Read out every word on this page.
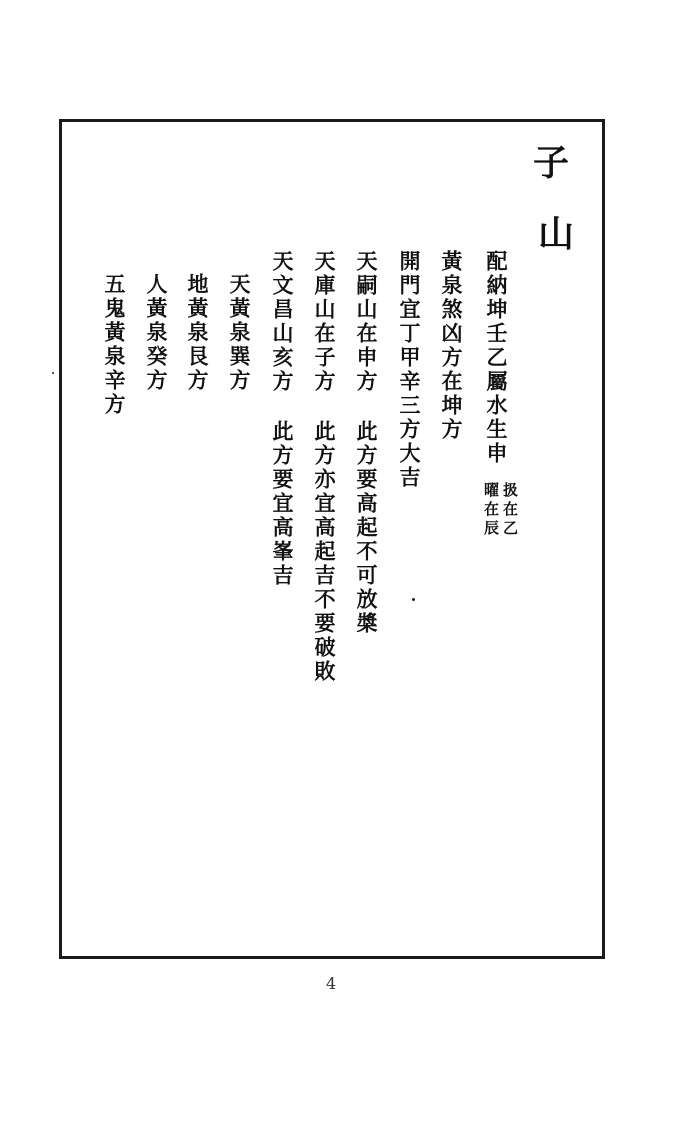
子
山
配納坤壬乙屬水生申
扱在乙
曜在辰
黃泉煞凶方在坤方
開門宜丁甲辛三方大吉
天嗣山在申方
此方要高起不可放槳
天庫山在子方
此方亦宜高起吉不要破敗
天文昌山亥方
此方要宜高峯吉
天黃泉巽方
地黃泉艮方
人黃泉癸方
五鬼黃泉辛方
4
